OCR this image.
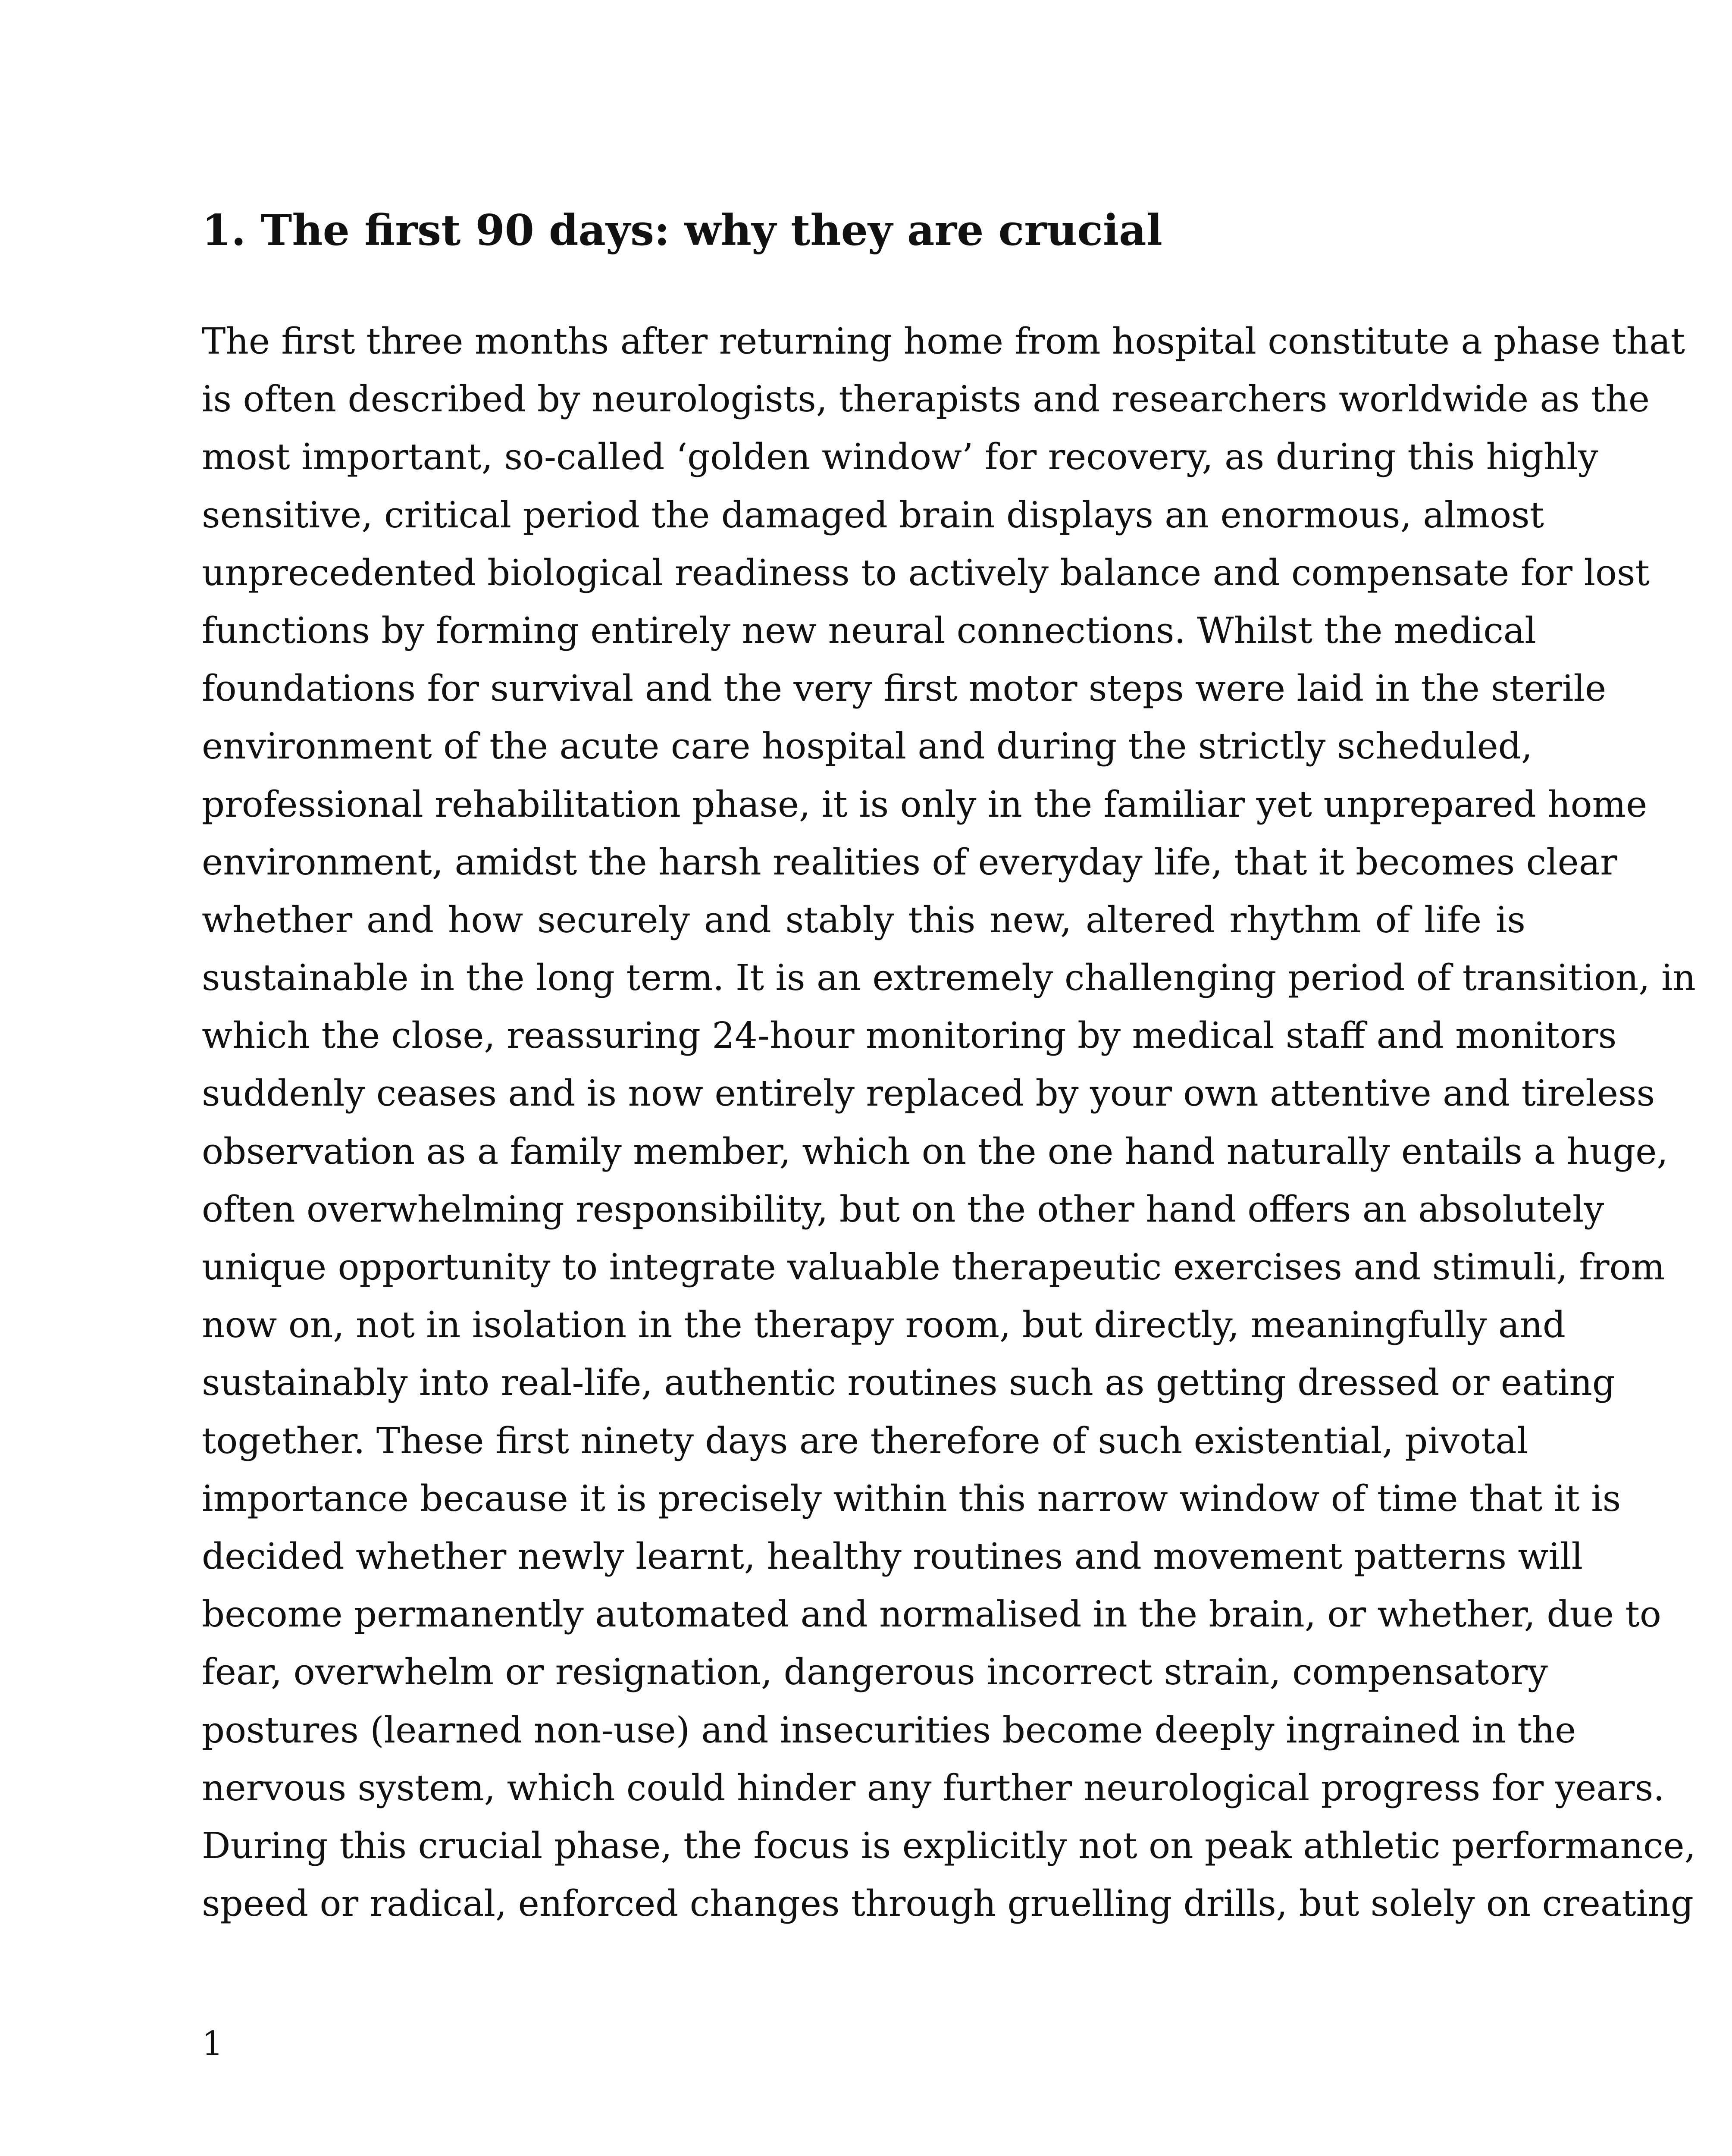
1. The first 90 days: why they are crucial
The first three months after returning home from hospital constitute a phase that
is often described by neurologists, therapists and researchers worldwide as the
most important, so-called ‘golden window’ for recovery, as during this highly
sensitive, critical period the damaged brain displays an enormous, almost
unprecedented biological readiness to actively balance and compensate for lost
functions by forming entirely new neural connections. Whilst the medical
foundations for survival and the very first motor steps were laid in the sterile
environment of the acute care hospital and during the strictly scheduled,
professional rehabilitation phase, it is only in the familiar yet unprepared home
environment, amidst the harsh realities of everyday life, that it becomes clear
whether and how securely and stably this new, altered rhythm of life is
sustainable in the long term. It is an extremely challenging period of transition, in
which the close, reassuring 24-hour monitoring by medical staff and monitors
suddenly ceases and is now entirely replaced by your own attentive and tireless
observation as a family member, which on the one hand naturally entails a huge,
often overwhelming responsibility, but on the other hand offers an absolutely
unique opportunity to integrate valuable therapeutic exercises and stimuli, from
now on, not in isolation in the therapy room, but directly, meaningfully and
sustainably into real-life, authentic routines such as getting dressed or eating
together. These first ninety days are therefore of such existential, pivotal
importance because it is precisely within this narrow window of time that it is
decided whether newly learnt, healthy routines and movement patterns will
become permanently automated and normalised in the brain, or whether, due to
fear, overwhelm or resignation, dangerous incorrect strain, compensatory
postures (learned non-use) and insecurities become deeply ingrained in the
nervous system, which could hinder any further neurological progress for years.
During this crucial phase, the focus is explicitly not on peak athletic performance,
speed or radical, enforced changes through gruelling drills, but solely on creating
1
